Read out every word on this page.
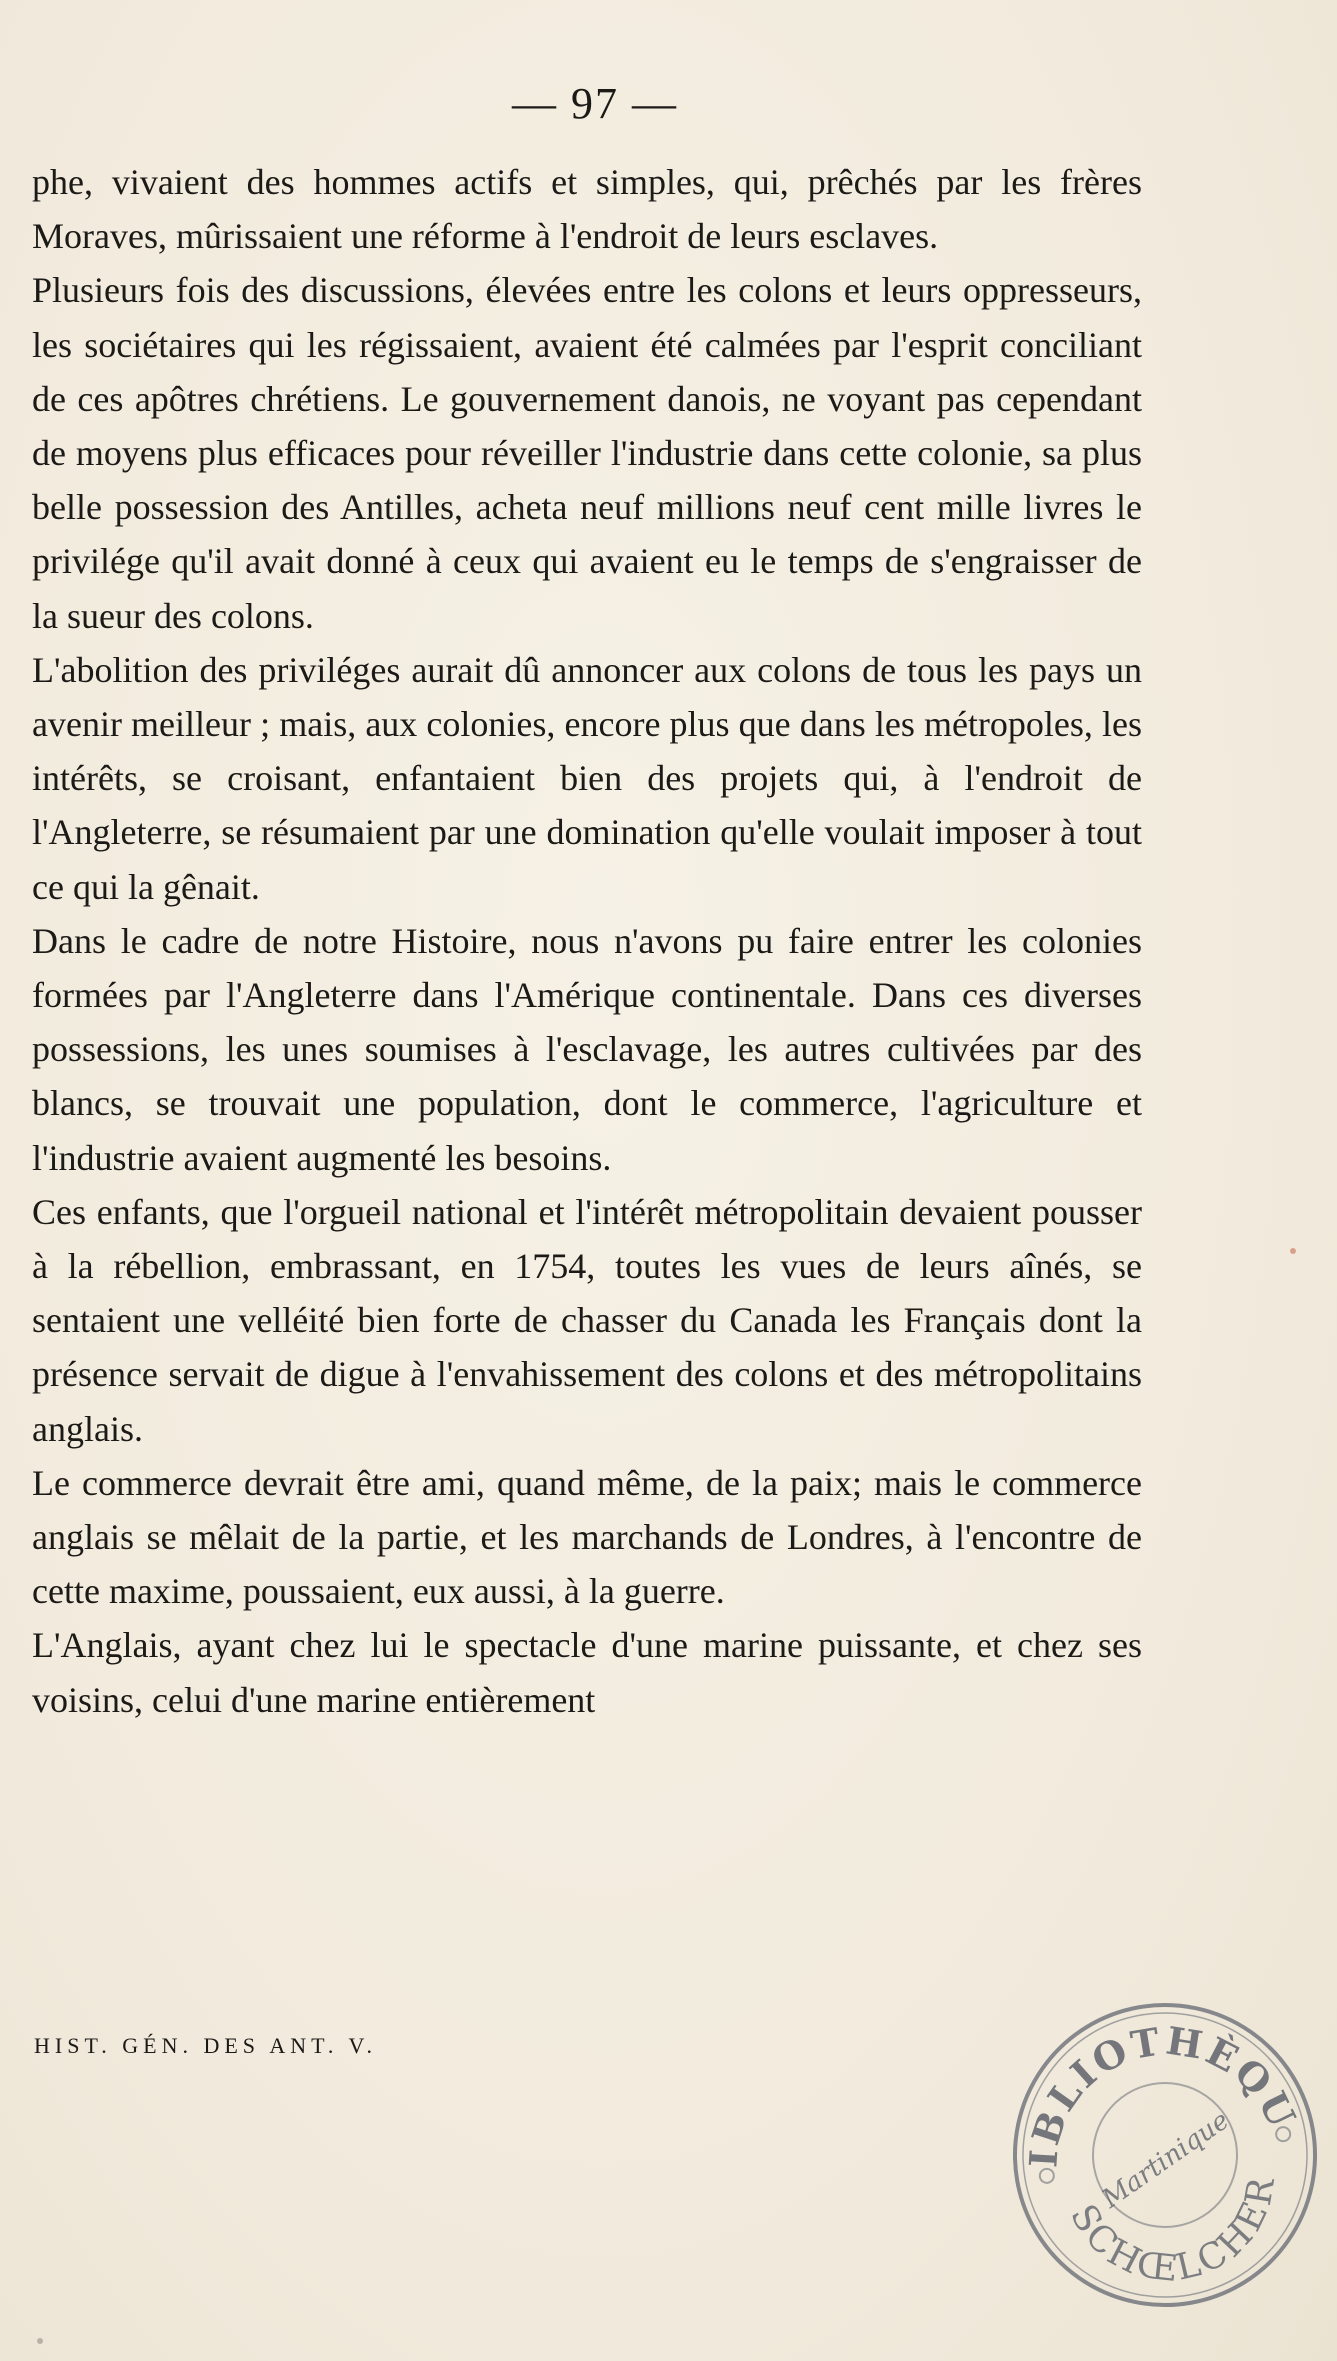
— 97 —

phe, vivaient des hommes actifs et simples, qui, prêchés par les frères Moraves, mûrissaient une réforme à l'endroit de leurs esclaves.

Plusieurs fois des discussions, élevées entre les colons et leurs oppresseurs, les sociétaires qui les régissaient, avaient été calmées par l'esprit conciliant de ces apôtres chrétiens. Le gouvernement danois, ne voyant pas cependant de moyens plus efficaces pour réveiller l'industrie dans cette colonie, sa plus belle possession des Antilles, acheta neuf millions neuf cent mille livres le privilége qu'il avait donné à ceux qui avaient eu le temps de s'engraisser de la sueur des colons.

L'abolition des priviléges aurait dû annoncer aux colons de tous les pays un avenir meilleur ; mais, aux colonies, encore plus que dans les métropoles, les intérêts, se croisant, enfantaient bien des projets qui, à l'endroit de l'Angleterre, se résumaient par une domination qu'elle voulait imposer à tout ce qui la gênait.

Dans le cadre de notre Histoire, nous n'avons pu faire entrer les colonies formées par l'Angleterre dans l'Amérique continentale. Dans ces diverses possessions, les unes soumises à l'esclavage, les autres cultivées par des blancs, se trouvait une population, dont le commerce, l'agriculture et l'industrie avaient augmenté les besoins.

Ces enfants, que l'orgueil national et l'intérêt métropolitain devaient pousser à la rébellion, embrassant, en 1754, toutes les vues de leurs aînés, se sentaient une velléité bien forte de chasser du Canada les Français dont la présence servait de digue à l'envahissement des colons et des métropolitains anglais.

Le commerce devrait être ami, quand même, de la paix; mais le commerce anglais se mêlait de la partie, et les marchands de Londres, à l'encontre de cette maxime, poussaient, eux aussi, à la guerre.

L'Anglais, ayant chez lui le spectacle d'une marine puissante, et chez ses voisins, celui d'une marine entièrement

HIST. GÉN. DES ANT. V.
BIBLIOTHÈQUE
Martinique
SCHŒLCHER
